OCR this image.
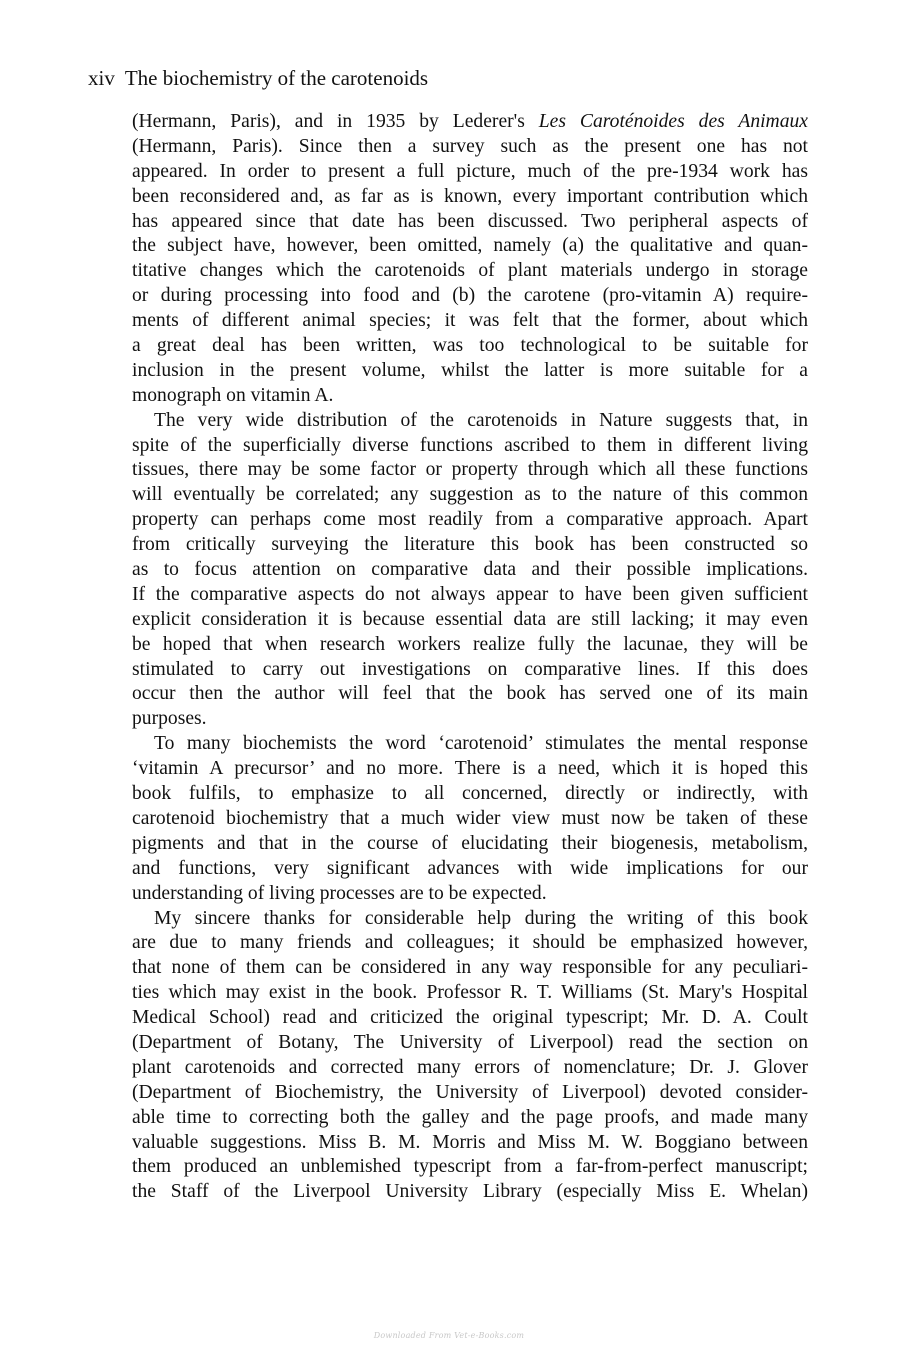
xiv The biochemistry of the carotenoids
(Hermann, Paris), and in 1935 by Lederer's Les Caroténoides des Animaux
(Hermann, Paris). Since then a survey such as the present one has not
appeared. In order to present a full picture, much of the pre-1934 work has
been reconsidered and, as far as is known, every important contribution which
has appeared since that date has been discussed. Two peripheral aspects of
the subject have, however, been omitted, namely (a) the qualitative and quan-
titative changes which the carotenoids of plant materials undergo in storage
or during processing into food and (b) the carotene (pro-vitamin A) require-
ments of different animal species; it was felt that the former, about which
a great deal has been written, was too technological to be suitable for
inclusion in the present volume, whilst the latter is more suitable for a
monograph on vitamin A.
The very wide distribution of the carotenoids in Nature suggests that, in
spite of the superficially diverse functions ascribed to them in different living
tissues, there may be some factor or property through which all these functions
will eventually be correlated; any suggestion as to the nature of this common
property can perhaps come most readily from a comparative approach. Apart
from critically surveying the literature this book has been constructed so
as to focus attention on comparative data and their possible implications.
If the comparative aspects do not always appear to have been given sufficient
explicit consideration it is because essential data are still lacking; it may even
be hoped that when research workers realize fully the lacunae, they will be
stimulated to carry out investigations on comparative lines. If this does
occur then the author will feel that the book has served one of its main
purposes.
To many biochemists the word ‘carotenoid’ stimulates the mental response
‘vitamin A precursor’ and no more. There is a need, which it is hoped this
book fulfils, to emphasize to all concerned, directly or indirectly, with
carotenoid biochemistry that a much wider view must now be taken of these
pigments and that in the course of elucidating their biogenesis, metabolism,
and functions, very significant advances with wide implications for our
understanding of living processes are to be expected.
My sincere thanks for considerable help during the writing of this book
are due to many friends and colleagues; it should be emphasized however,
that none of them can be considered in any way responsible for any peculiari-
ties which may exist in the book. Professor R. T. Williams (St. Mary's Hospital
Medical School) read and criticized the original typescript; Mr. D. A. Coult
(Department of Botany, The University of Liverpool) read the section on
plant carotenoids and corrected many errors of nomenclature; Dr. J. Glover
(Department of Biochemistry, the University of Liverpool) devoted consider-
able time to correcting both the galley and the page proofs, and made many
valuable suggestions. Miss B. M. Morris and Miss M. W. Boggiano between
them produced an unblemished typescript from a far-from-perfect manuscript;
the Staff of the Liverpool University Library (especially Miss E. Whelan)
Downloaded From Vet-e-Books.com
